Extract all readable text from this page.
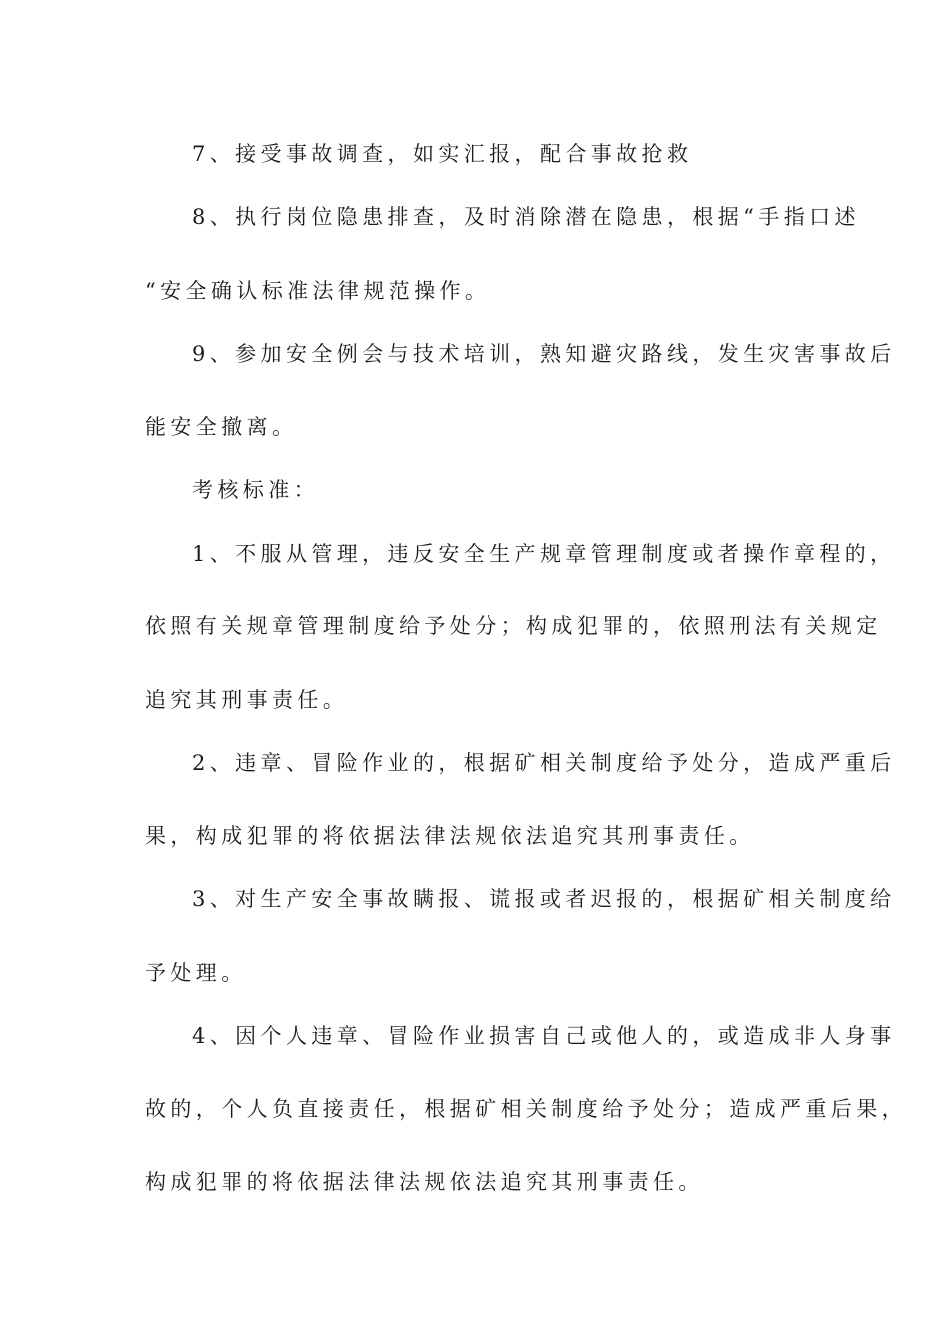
7、接受事故调查，如实汇报，配合事故抢救
8、执行岗位隐患排查，及时消除潜在隐患，根据“手指口述
“安全确认标准法律规范操作。
9、参加安全例会与技术培训，熟知避灾路线，发生灾害事故后
能安全撤离。
考核标准：
1、不服从管理，违反安全生产规章管理制度或者操作章程的，
依照有关规章管理制度给予处分；构成犯罪的，依照刑法有关规定
追究其刑事责任。
2、违章、冒险作业的，根据矿相关制度给予处分，造成严重后
果，构成犯罪的将依据法律法规依法追究其刑事责任。
3、对生产安全事故瞒报、谎报或者迟报的，根据矿相关制度给
予处理。
4、因个人违章、冒险作业损害自己或他人的，或造成非人身事
故的，个人负直接责任，根据矿相关制度给予处分；造成严重后果，
构成犯罪的将依据法律法规依法追究其刑事责任。
